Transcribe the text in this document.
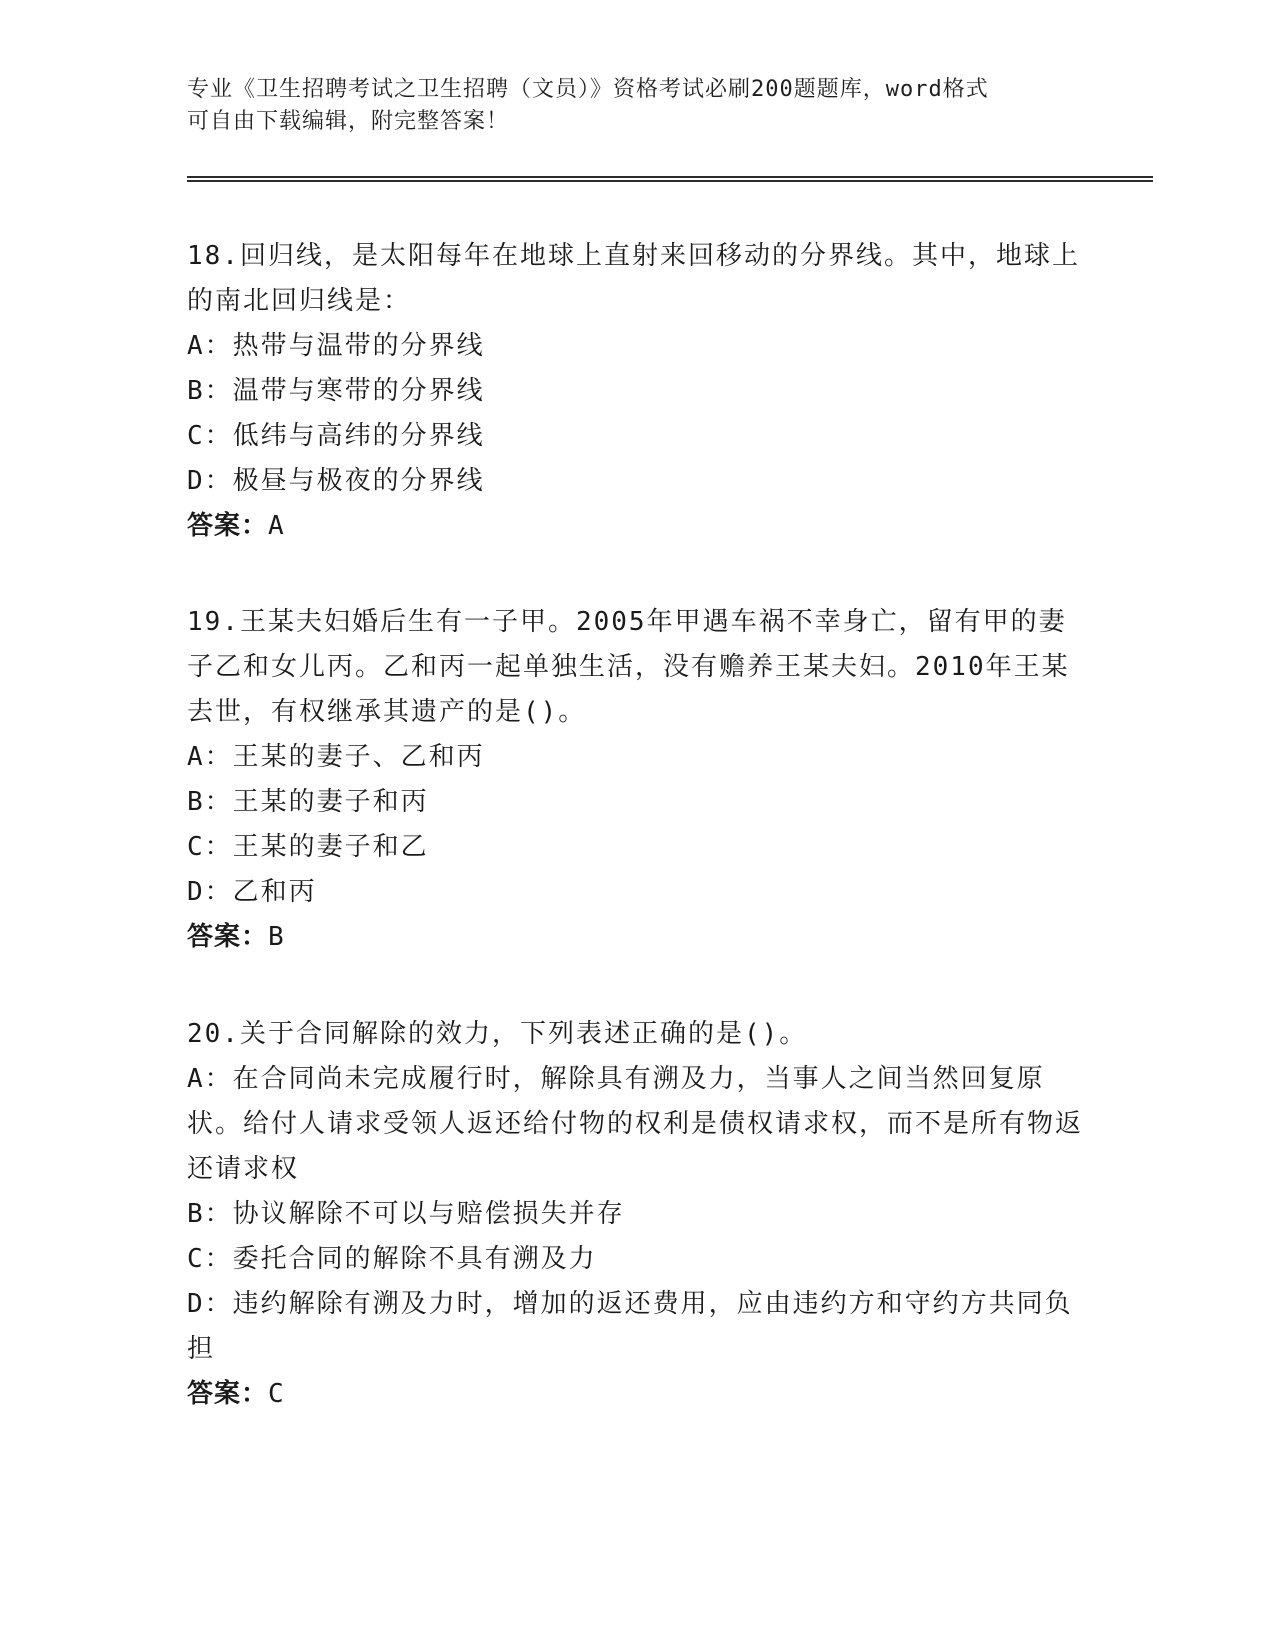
专业《卫生招聘考试之卫生招聘（文员）》资格考试必刷200题题库，word格式
可自由下载编辑，附完整答案！

18.回归线，是太阳每年在地球上直射来回移动的分界线。其中，地球上的南北回归线是：

A：热带与温带的分界线

B：温带与寒带的分界线

C：低纬与高纬的分界线

D：极昼与极夜的分界线

答案：A

19.王某夫妇婚后生有一子甲。2005年甲遇车祸不幸身亡，留有甲的妻子乙和女儿丙。乙和丙一起单独生活，没有赡养王某夫妇。2010年王某去世，有权继承其遗产的是()。

A：王某的妻子、乙和丙

B：王某的妻子和丙

C：王某的妻子和乙

D：乙和丙

答案：B

20.关于合同解除的效力，下列表述正确的是()。

A：在合同尚未完成履行时，解除具有溯及力，当事人之间当然回复原状。给付人请求受领人返还给付物的权利是债权请求权，而不是所有物返还请求权

B：协议解除不可以与赔偿损失并存

C：委托合同的解除不具有溯及力

D：违约解除有溯及力时，增加的返还费用，应由违约方和守约方共同负担

答案：C
